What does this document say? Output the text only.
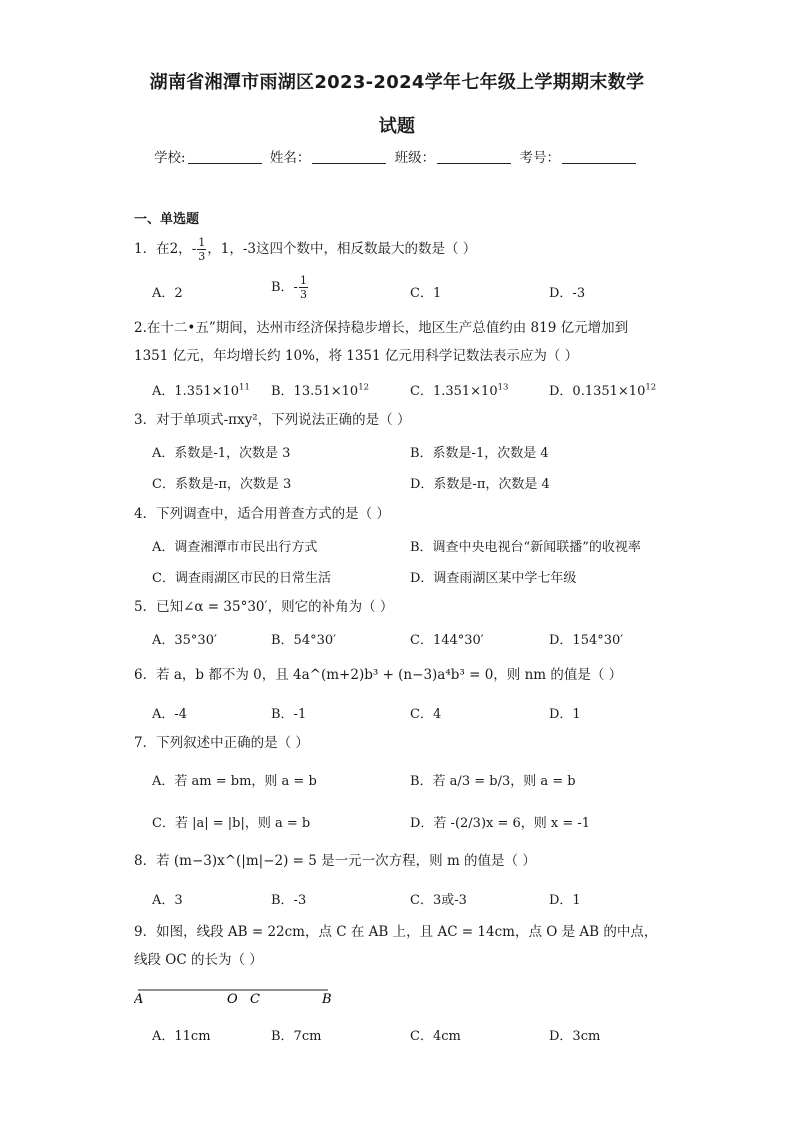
湖南省湘潭市雨湖区2023-2024学年七年级上学期期末数学
试题
学校:	姓名：	班级：	考号：
一、单选题
1．在2，- $\frac{1}{3}$ ，1，-3这四个数中，相反数最大的数是（ ）
A．2	B．- $\frac{1}{3}$	C．1	D．-3
2.在十二•五”期间，达州市经济保持稳步增长，地区生产总值约由 819 亿元增加到 1351 亿元，年均增长约 10%，将 1351 亿元用科学记数法表示应为（ ）
A．$1.351\times 10^{11}$ B．$13.51\times 10^{12}$	C．$1.351\times 10^{13}$	D．$0.1351\times 10^{12}$
3．对于单项式-πxy²，下列说法正确的是（ ）
A．系数是-1，次数是 3	B．系数是-1，次数是 4
C．系数是-π，次数是 3	D．系数是-π，次数是 4
4．下列调查中，适合用普查方式的是（ ）
A．调查湘潭市市民出行方式	B．调查中央电视台“新闻联播”的收视率
C．调查雨湖区市民的日常生活	D．调查雨湖区某中学七年级
5．已知∠α = 35°30′，则它的补角为（ ）
A．35°30′	B．54°30′	C．144°30′	D．154°30′
6．若 a，b 都不为 0，且 4a^(m+2)b³ + (n−3)a⁴b³ = 0，则 nm 的值是（ ）
A．-4	B．-1	C．4	D．1
7．下列叙述中正确的是（ ）
A．若 am = bm，则 a = b	B．若 a/3 = b/3，则 a = b
C．若 |a| = |b|，则 a = b	D．若 -(2/3)x = 6，则 x = -1
8．若 (m−3)x^(|m|−2) = 5 是一元一次方程，则 m 的值是（ ）
A．3	B．-3	C．3或-3	D．1
9．如图，线段 AB = 22cm，点 C 在 AB 上，且 AC = 14cm，点 O 是 AB 的中点，线段 OC 的长为（ ）
A	O C	B
A．11cm	B．7cm	C．4cm	D．3cm
